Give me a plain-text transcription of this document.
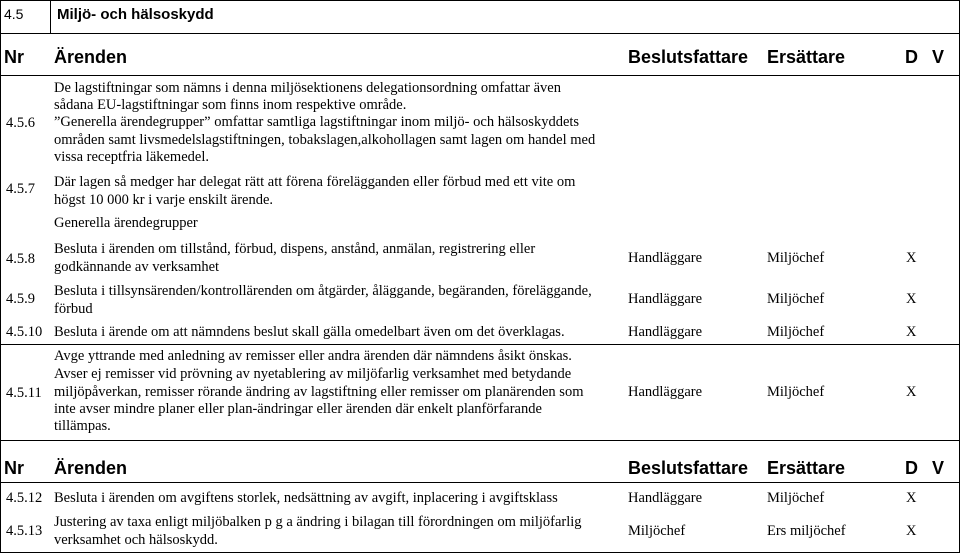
4.5 Miljö- och hälsoskydd
Nr Ärenden	Beslutsfattare Ersättare	D V
4.5.6
De lagstiftningar som nämns i denna miljösektionens delegationsordning omfattar även
sådana EU-lagstiftningar som finns inom respektive område.
”Generella ärendegrupper” omfattar samtliga lagstiftningar inom miljö- och hälsoskyddets
områden samt livsmedelslagstiftningen, tobakslagen,alkohollagen samt lagen om handel med
vissa receptfria läkemedel.
4.5.7 Där lagen så medger har delegat rätt att förena förelägganden eller förbud med ett vite om
högst 10 000 kr i varje enskilt ärende.
Generella ärendegrupper
4.5.8
Besluta i ärenden om tillstånd, förbud, dispens, anstånd, anmälan, registrering eller
godkännande av verksamhet
Handläggare	Miljöchef	X
4.5.9 Besluta i tillsynsärenden/kontrollärenden om åtgärder, åläggande, begäranden, föreläggande,
förbud
Handläggare	Miljöchef	X
4.5.10 Besluta i ärende om att nämndens beslut skall gälla omedelbart även om det överklagas.	Handläggare	Miljöchef	X
4.5.11
Avge yttrande med anledning av remisser eller andra ärenden där nämndens åsikt önskas.
Avser ej remisser vid prövning av nyetablering av miljöfarlig verksamhet med betydande
miljöpåverkan, remisser rörande ändring av lagstiftning eller remisser om planärenden som
inte avser mindre planer eller plan-ändringar eller ärenden där enkelt planförfarande
tillämpas.
Handläggare	Miljöchef	X
Nr Ärenden	Beslutsfattare Ersättare	D V
4.5.12 Besluta i ärenden om avgiftens storlek, nedsättning av avgift, inplacering i avgiftsklass	Handläggare	Miljöchef	X
4.5.13
Justering av taxa enligt miljöbalken p g a ändring i bilagan till förordningen om miljöfarlig
verksamhet och hälsoskydd.
Miljöchef	Ers miljöchef	X
